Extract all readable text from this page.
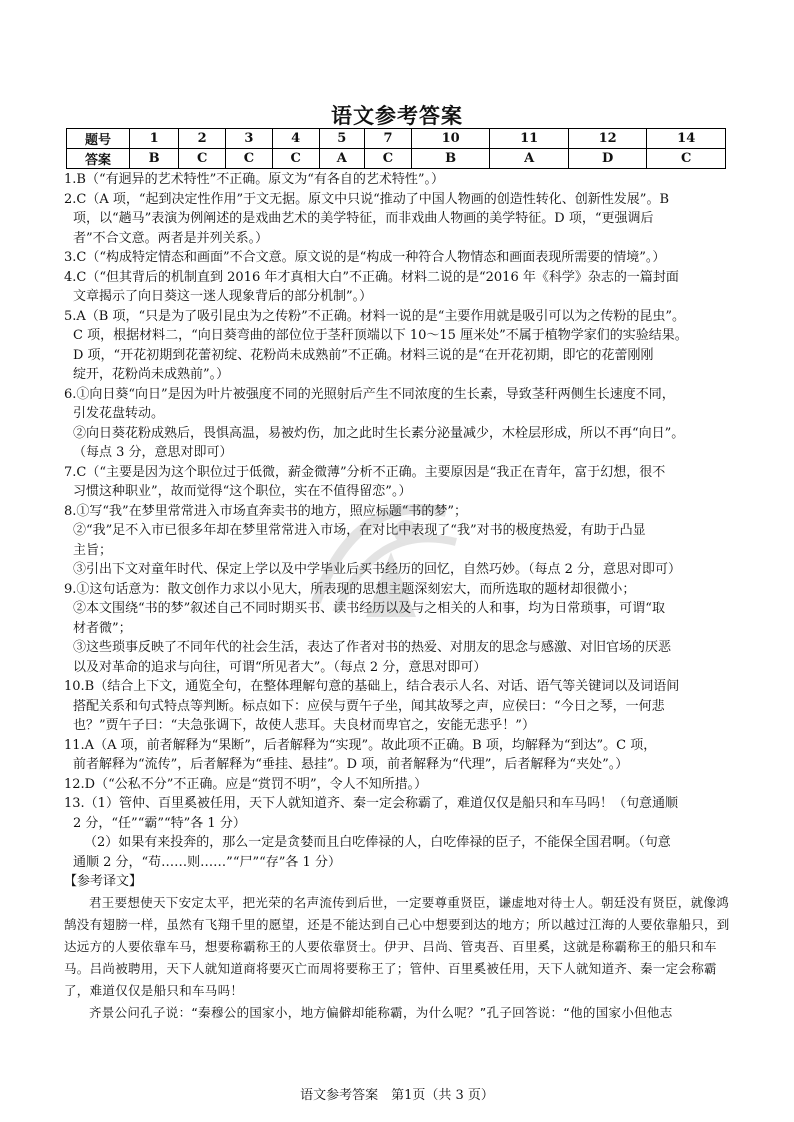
语文参考答案
题号	1	2	3	4	5	7	10	11	12	14
答案	B	C	C	C	A	C	B	A	D	C
1.B（“有迥异的艺术特性”不正确。原文为“有各自的艺术特性”。）
2.C（A 项，“起到决定性作用”于文无据。原文中只说“推动了中国人物画的创造性转化、创新性发展”。B
项，以“趟马”表演为例阐述的是戏曲艺术的美学特征，而非戏曲人物画的美学特征。D 项，“更强调后
者”不合文意。两者是并列关系。）
3.C（“构成特定情态和画面”不合文意。原文说的是“构成一种符合人物情态和画面表现所需要的情境”。）
4.C（“但其背后的机制直到 2016 年才真相大白”不正确。材料二说的是“2016 年《科学》杂志的一篇封面
文章揭示了向日葵这一迷人现象背后的部分机制”。）
5.A（B 项，“只是为了吸引昆虫为之传粉”不正确。材料一说的是“主要作用就是吸引可以为之传粉的昆虫”。
C 项，根据材料二，“向日葵弯曲的部位位于茎秆顶端以下 10～15 厘米处”不属于植物学家们的实验结果。
D 项，“开花初期到花蕾初绽、花粉尚未成熟前”不正确。材料三说的是“在开花初期，即它的花蕾刚刚
绽开，花粉尚未成熟前”。）
6.①向日葵“向日”是因为叶片被强度不同的光照射后产生不同浓度的生长素，导致茎秆两侧生长速度不同，
引发花盘转动。
②向日葵花粉成熟后，畏惧高温，易被灼伤，加之此时生长素分泌量减少，木栓层形成，所以不再“向日”。
（每点 3 分，意思对即可）
7.C（“主要是因为这个职位过于低微，薪金微薄”分析不正确。主要原因是“我正在青年，富于幻想，很不
习惯这种职业”，故而觉得“这个职位，实在不值得留恋”。）
8.①写“我”在梦里常常进入市场直奔卖书的地方，照应标题“书的梦”；
②“我”足不入市已很多年却在梦里常常进入市场，在对比中表现了“我”对书的极度热爱，有助于凸显
主旨；
③引出下文对童年时代、保定上学以及中学毕业后买书经历的回忆，自然巧妙。（每点 2 分，意思对即可）
9.①这句话意为：散文创作力求以小见大，所表现的思想主题深刻宏大，而所选取的题材却很微小；
②本文围绕“书的梦”叙述自己不同时期买书、读书经历以及与之相关的人和事，均为日常琐事，可谓“取
材者微”；
③这些琐事反映了不同年代的社会生活，表达了作者对书的热爱、对朋友的思念与感激、对旧官场的厌恶
以及对革命的追求与向往，可谓“所见者大”。（每点 2 分，意思对即可）
10.B（结合上下文，通览全句，在整体理解句意的基础上，结合表示人名、对话、语气等关键词以及词语间
搭配关系和句式特点等判断。标点如下：应侯与贾午子坐，闻其故琴之声，应侯曰：“今日之琴，一何悲
也？”贾午子曰：“夫急张调下，故使人悲耳。夫良材而卑官之，安能无悲乎！”）
11.A（A 项，前者解释为“果断”，后者解释为“实现”。故此项不正确。B 项，均解释为“到达”。C 项，
前者解释为“流传”，后者解释为“垂挂、悬挂”。D 项，前者解释为“代理”，后者解释为“夹处”。）
12.D（“公私不分”不正确。应是“赏罚不明”，令人不知所措。）
13.（1）管仲、百里奚被任用，天下人就知道齐、秦一定会称霸了，难道仅仅是船只和车马吗！（句意通顺
2 分，“任”“霸”“特”各 1 分）
（2）如果有来投奔的，那么一定是贪婪而且白吃俸禄的人，白吃俸禄的臣子，不能保全国君啊。（句意
通顺 2 分，“苟……则……”“尸”“存”各 1 分）
【参考译文】

君王要想使天下安定太平，把光荣的名声流传到后世，一定要尊重贤臣，谦虚地对待士人。朝廷没有贤臣，就像鸿鹄没有翅膀一样，虽然有飞翔千里的愿望，还是不能达到自己心中想要到达的地方；所以越过江海的人要依靠船只，到达远方的人要依靠车马，想要称霸称王的人要依靠贤士。伊尹、吕尚、管夷吾、百里奚，这就是称霸称王的船只和车马。吕尚被聘用，天下人就知道商将要灭亡而周将要称王了；管仲、百里奚被任用，天下人就知道齐、秦一定会称霸了，难道仅仅是船只和车马吗！

齐景公问孔子说：“秦穆公的国家小，地方偏僻却能称霸，为什么呢？”孔子回答说：“他的国家小但他志

语文参考答案　第1页（共 3 页）
